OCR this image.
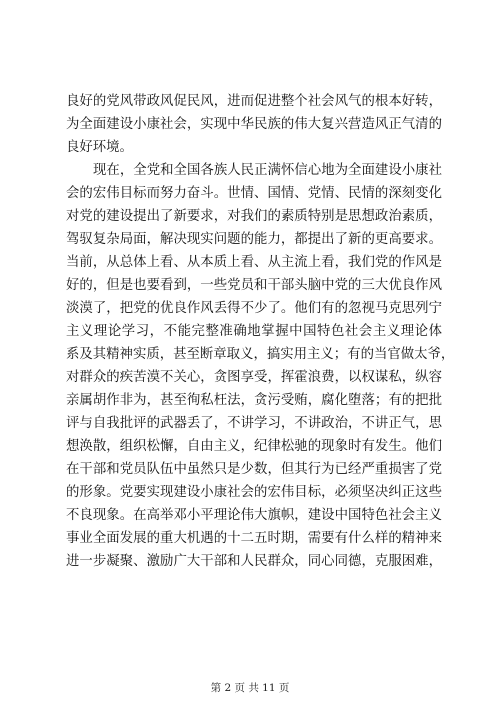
良好的党风带政风促民风，进而促进整个社会风气的根本好转，
为全面建设小康社会，实现中华民族的伟大复兴营造风正气清的
良好环境。
现在，全党和全国各族人民正满怀信心地为全面建设小康社
会的宏伟目标而努力奋斗。世情、国情、党情、民情的深刻变化
对党的建设提出了新要求，对我们的素质特别是思想政治素质，
驾驭复杂局面，解决现实问题的能力，都提出了新的更高要求。
当前，从总体上看、从本质上看、从主流上看，我们党的作风是
好的，但是也要看到，一些党员和干部头脑中党的三大优良作风
淡漠了，把党的优良作风丢得不少了。他们有的忽视马克思列宁
主义理论学习，不能完整准确地掌握中国特色社会主义理论体
系及其精神实质，甚至断章取义，搞实用主义；有的当官做太爷，
对群众的疾苦漠不关心，贪图享受，挥霍浪费，以权谋私，纵容
亲属胡作非为，甚至徇私枉法，贪污受贿，腐化堕落；有的把批
评与自我批评的武器丢了，不讲学习，不讲政治，不讲正气，思
想涣散，组织松懈，自由主义，纪律松驰的现象时有发生。他们
在干部和党员队伍中虽然只是少数，但其行为已经严重损害了党
的形象。党要实现建设小康社会的宏伟目标，必须坚决纠正这些
不良现象。在高举邓小平理论伟大旗帜，建设中国特色社会主义
事业全面发展的重大机遇的十二五时期，需要有什么样的精神来
进一步凝聚、激励广大干部和人民群众，同心同德，克服困难，
第 2 页 共 11 页
